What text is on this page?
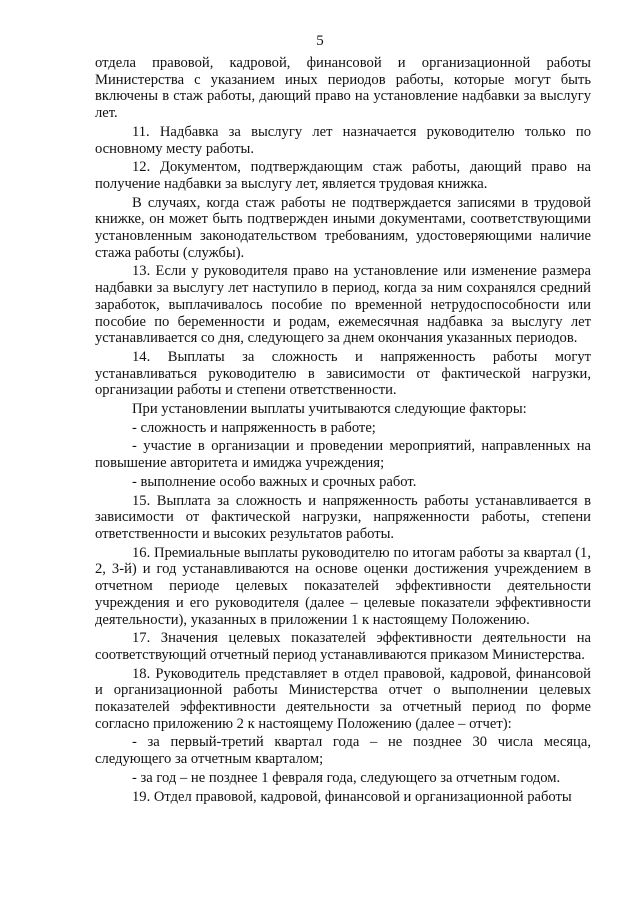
5

отдела правовой, кадровой, финансовой и организационной работы Министерства с указанием иных периодов работы, которые могут быть включены в стаж работы, дающий право на установление надбавки за выслугу лет.

11. Надбавка за выслугу лет назначается руководителю только по основному месту работы.

12. Документом, подтверждающим стаж работы, дающий право на получение надбавки за выслугу лет, является трудовая книжка.

В случаях, когда стаж работы не подтверждается записями в трудовой книжке, он может быть подтвержден иными документами, соответствующими установленным законодательством требованиям, удостоверяющими наличие стажа работы (службы).

13. Если у руководителя право на установление или изменение размера надбавки за выслугу лет наступило в период, когда за ним сохранялся средний заработок, выплачивалось пособие по временной нетрудоспособности или пособие по беременности и родам, ежемесячная надбавка за выслугу лет устанавливается со дня, следующего за днем окончания указанных периодов.

14. Выплаты за сложность и напряженность работы могут устанавливаться руководителю в зависимости от фактической нагрузки, организации работы и степени ответственности.

При установлении выплаты учитываются следующие факторы:

- сложность и напряженность в работе;

- участие в организации и проведении мероприятий, направленных на повышение авторитета и имиджа учреждения;

- выполнение особо важных и срочных работ.

15. Выплата за сложность и напряженность работы устанавливается в зависимости от фактической нагрузки, напряженности работы, степени ответственности и высоких результатов работы.

16. Премиальные выплаты руководителю по итогам работы за квартал (1, 2, 3-й) и год устанавливаются на основе оценки достижения учреждением в отчетном периоде целевых показателей эффективности деятельности учреждения и его руководителя (далее – целевые показатели эффективности деятельности), указанных в приложении 1 к настоящему Положению.

17. Значения целевых показателей эффективности деятельности на соответствующий отчетный период устанавливаются приказом Министерства.

18. Руководитель представляет в отдел правовой, кадровой, финансовой и организационной работы Министерства отчет о выполнении целевых показателей эффективности деятельности за отчетный период по форме согласно приложению 2 к настоящему Положению (далее – отчет):

- за первый-третий квартал года – не позднее 30 числа месяца, следующего за отчетным кварталом;

- за год – не позднее 1 февраля года, следующего за отчетным годом.

19. Отдел правовой, кадровой, финансовой и организационной работы
